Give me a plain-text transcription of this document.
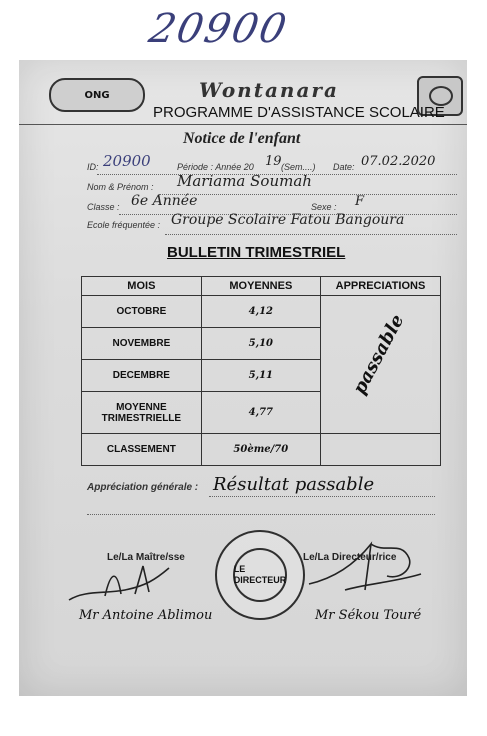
20900
ONG	Wontanara
PROGRAMME D'ASSISTANCE SCOLAIRE
Notice de l'enfant
ID: 20900	Période : Année 20 19 (Sem....) Date: 07.02.2020
Nom & Prénom : Mariama Soumah
Classe : 6e Année	Sexe : F
Ecole fréquentée : Groupe Scolaire Fatou Bangoura
BULLETIN TRIMESTRIEL
MOIS	MOYENNES	APPRECIATIONS
OCTOBRE	4,12	passable

NOVEMBRE	5,10	
DECEMBRE	5,11	
MOYENNE TRIMESTRIELLE	4,77	
CLASSEMENT	50ème/70	
Appréciation générale : Résultat passable
Le/La Maître/sse	Le/La Directeur/rice
LE DIRECTEUR
Mr Antoine Ablimou	Mr Sékou Touré
